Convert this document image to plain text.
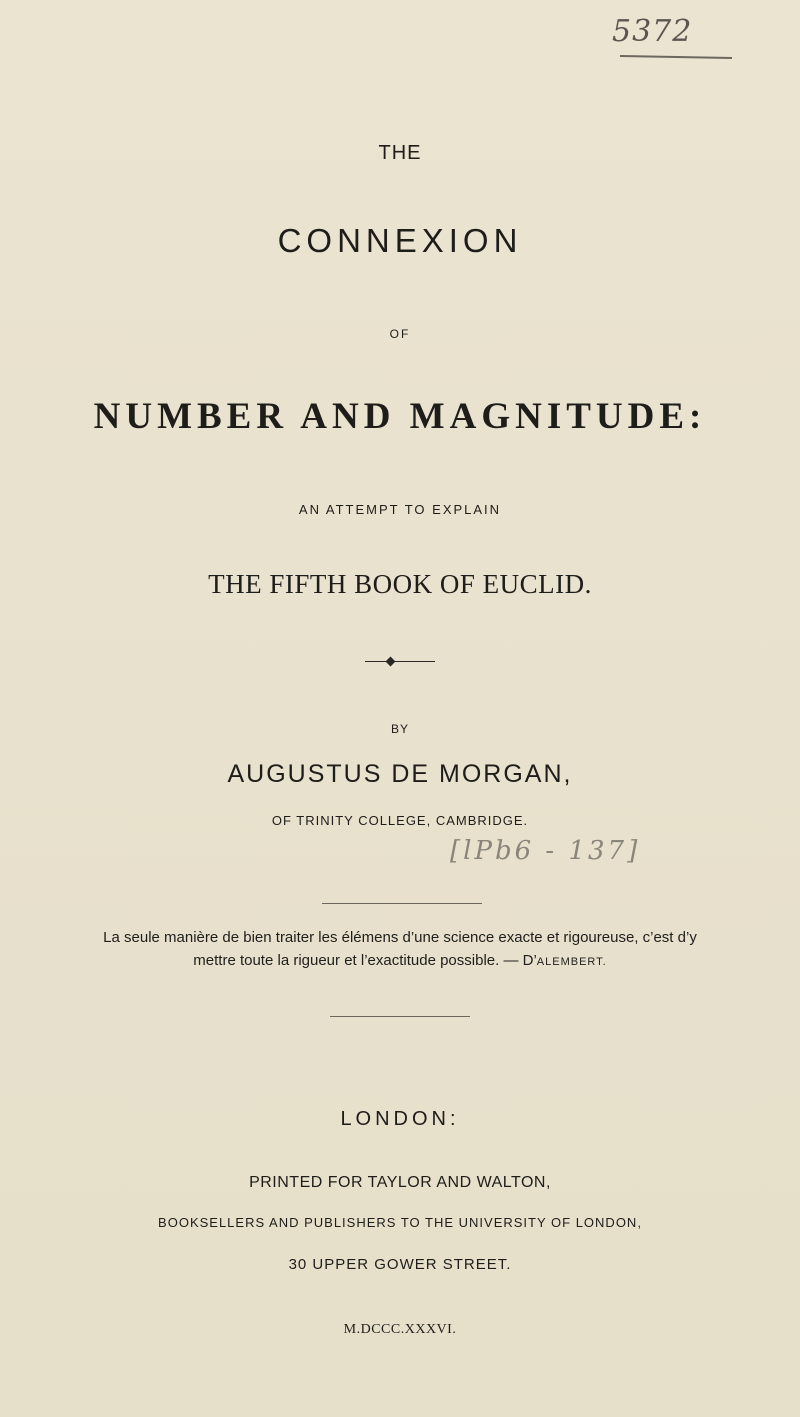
5372
THE
CONNEXION
OF
NUMBER AND MAGNITUDE:
AN ATTEMPT TO EXPLAIN
THE FIFTH BOOK OF EUCLID.
BY
AUGUSTUS DE MORGAN,
OF TRINITY COLLEGE, CAMBRIDGE.
[lPb6 - 137]
La seule manière de bien traiter les élémens d’une science exacte et rigoureuse, c’est d’y
mettre toute la rigueur et l’exactitude possible. — D’ALEMBERT.
LONDON:
PRINTED FOR TAYLOR AND WALTON,
BOOKSELLERS AND PUBLISHERS TO THE UNIVERSITY OF LONDON,
30 UPPER GOWER STREET.
M.DCCC.XXXVI.
